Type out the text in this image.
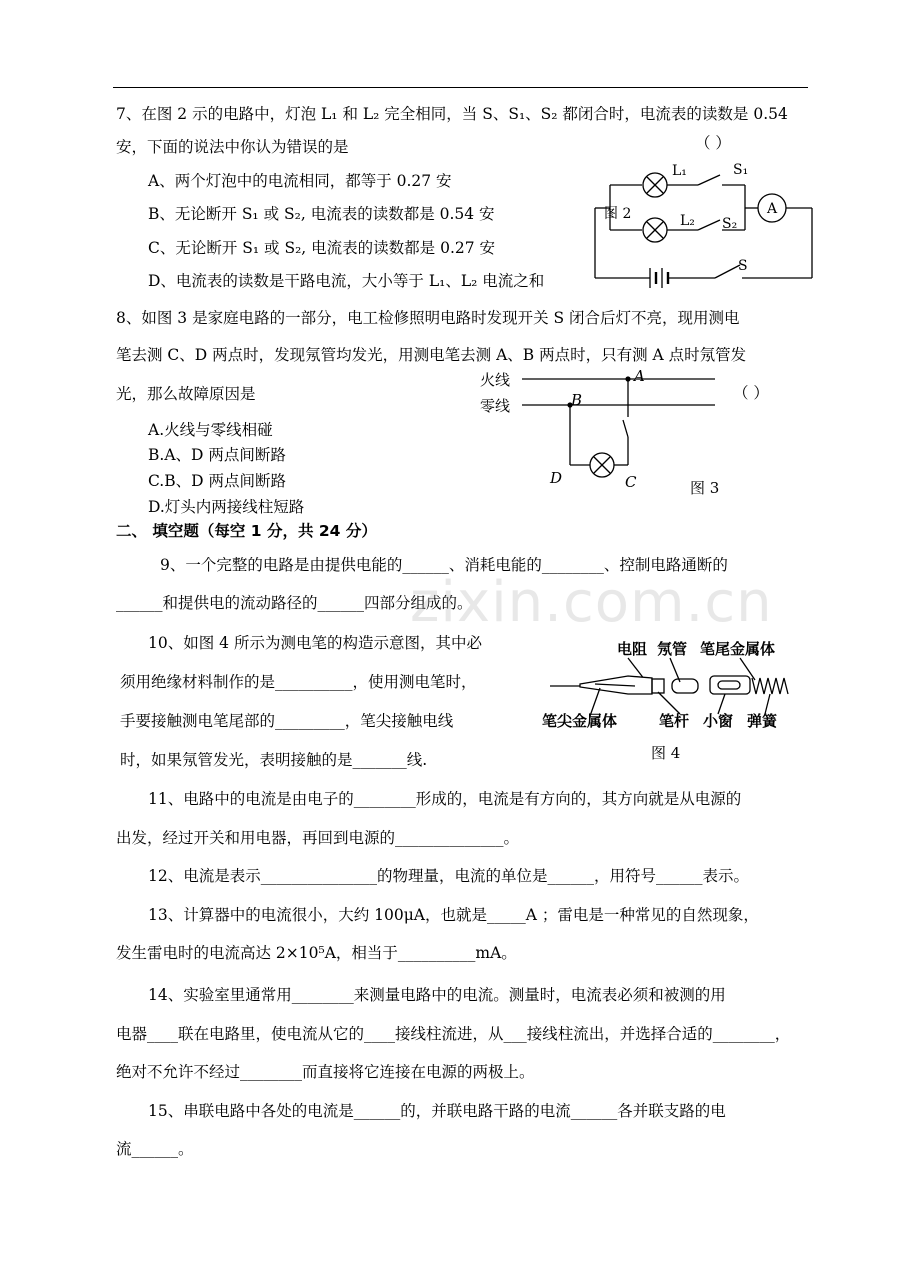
7、在图 2 示的电路中，灯泡 L₁ 和 L₂ 完全相同，当 S、S₁、S₂ 都闭合时，电流表的读数是 0.54
安，下面的说法中你认为错误的是	（ ）
A、两个灯泡中的电流相同，都等于 0.27 安
B、无论断开 S₁ 或 S₂, 电流表的读数都是 0.54 安
C、无论断开 S₁ 或 S₂, 电流表的读数都是 0.27 安
D、电流表的读数是干路电流，大小等于 L₁、L₂ 电流之和
A
L₁	S₁
L₂ S₂
S
图 2
8、如图 3 是家庭电路的一部分，电工检修照明电路时发现开关 S 闭合后灯不亮，现用测电
笔去测 C、D 两点时，发现氖管均发光，用测电笔去测 A、B 两点时，只有测 A 点时氖管发
光，那么故障原因是	（ ）
A.火线与零线相碰
B.A、D 两点间断路
C.B、D 两点间断路
D.灯头内两接线柱短路
火线
零线
A
B
D	C	图 3
二、 填空题（每空 1 分，共 24 分）
9、一个完整的电路是由提供电能的______、消耗电能的________、控制电路通断的
______和提供电的流动路径的______四部分组成的。
zixin.com.cn
10、如图 4 所示为测电笔的构造示意图，其中必
须用绝缘材料制作的是__________，使用测电笔时，
手要接触测电笔尾部的_________，笔尖接触电线
时，如果氖管发光，表明接触的是_______线.
电阻 氖管 笔尾金属体
笔尖金属体	笔杆 小窗 弹簧
图 4
11、电路中的电流是由电子的________形成的，电流是有方向的，其方向就是从电源的
出发，经过开关和用电器，再回到电源的______________。
12、电流是表示_______________的物理量，电流的单位是______，用符号______表示。
13、计算器中的电流很小，大约 100μA，也就是_____A ；雷电是一种常见的自然现象，
发生雷电时的电流高达 2×10⁵A，相当于__________mA。
14、实验室里通常用________来测量电路中的电流。测量时，电流表必须和被测的用
电器____联在电路里，使电流从它的____接线柱流进，从___接线柱流出，并选择合适的________，
绝对不允许不经过________而直接将它连接在电源的两极上。
15、串联电路中各处的电流是______的，并联电路干路的电流______各并联支路的电
流______。
